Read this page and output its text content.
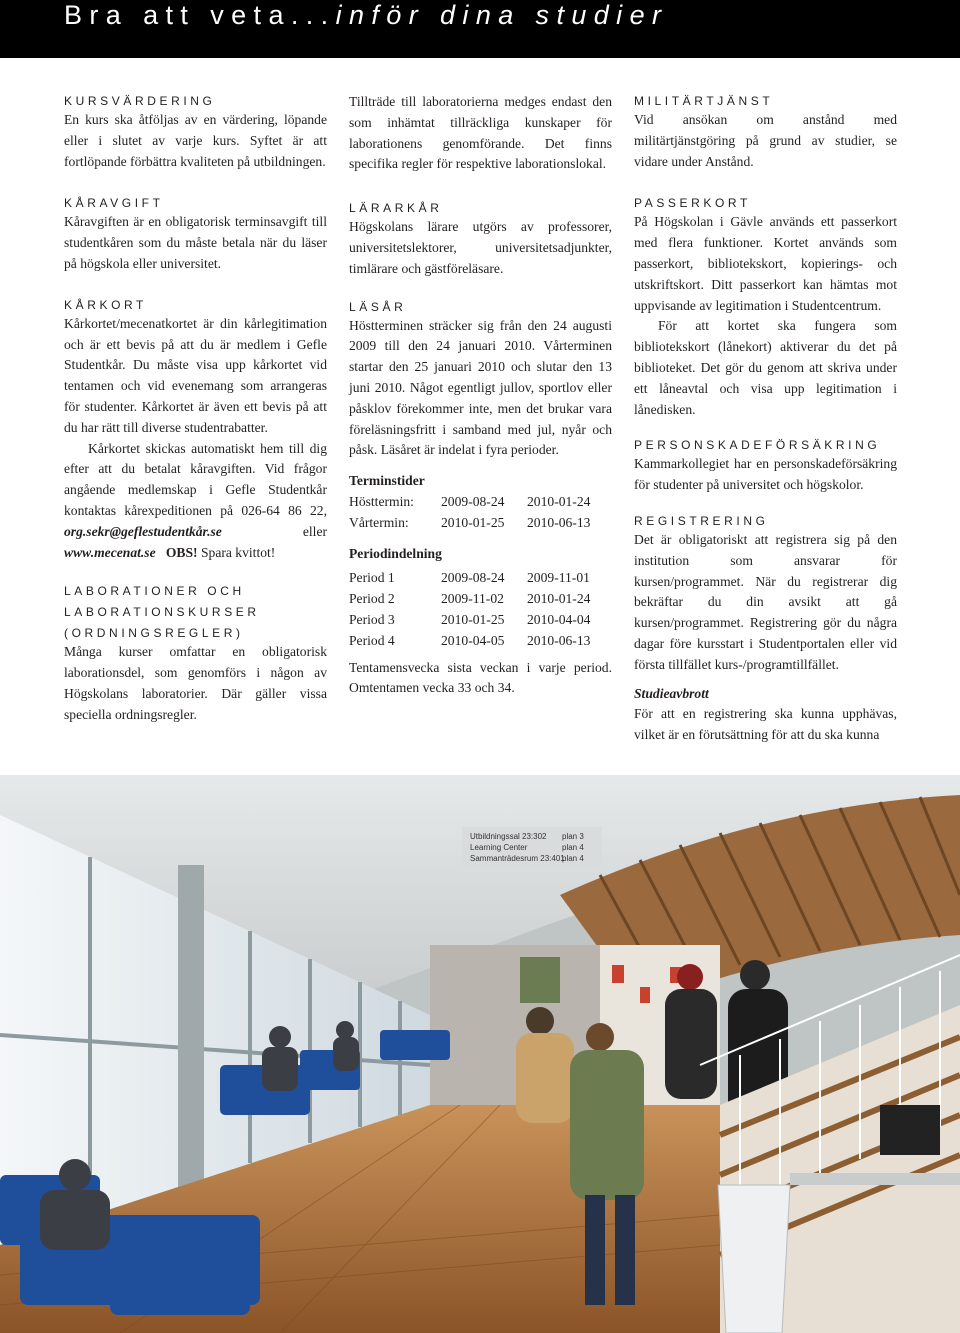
Bra att veta...inför dina studier

KURSVÄRDERING

En kurs ska åtföljas av en värdering, löpande eller i slutet av varje kurs. Syftet är att fortlöpande förbättra kvaliteten på utbildningen.

KÅRAVGIFT

Kåravgiften är en obligatorisk terminsavgift till studentkåren som du måste betala när du läser på högskola eller universitet.

KÅRKORT

Kårkortet/mecenatkortet är din kårlegitimation och är ett bevis på att du är medlem i Gefle Studentkår. Du måste visa upp kårkortet vid tentamen och vid evenemang som arrangeras för studenter. Kårkortet är även ett bevis på att du har rätt till diverse studentrabatter.

Kårkortet skickas automatiskt hem till dig efter att du betalat kåravgiften. Vid frågor angående medlemskap i Gefle Studentkår kontaktas kårexpeditionen på 026-64 86 22, org.sekr@geflestudentkår.se eller www.mecenat.se OBS! Spara kvittot!

LABORATIONER OCH

LABORATIONSKURSER

(ORDNINGSREGLER)

Många kurser omfattar en obligatorisk laborationsdel, som genomförs i någon av Högskolans laboratorier. Där gäller vissa speciella ordningsregler.

Tillträde till laboratorierna medges endast den som inhämtat tillräckliga kunskaper för laborationens genomförande. Det finns specifika regler för respektive laborationslokal.

LÄRARKÅR

Högskolans lärare utgörs av professorer, universitetslektorer, universitetsadjunkter, timlärare och gästföreläsare.

LÄSÅR

Höstterminen sträcker sig från den 24 augusti 2009 till den 24 januari 2010. Vårterminen startar den 25 januari 2010 och slutar den 13 juni 2010. Något egentligt jullov, sportlov eller påsklov förekommer inte, men det brukar vara föreläsningsfritt i samband med jul, nyår och påsk. Läsåret är indelat i fyra perioder.

Terminstider

Hösttermin:	2009-08-24	2010-01-24
Vårtermin:	2010-01-25	2010-06-13

Periodindelning

Period 1	2009-08-24	2009-11-01
Period 2	2009-11-02	2010-01-24
Period 3	2010-01-25	2010-04-04
Period 4	2010-04-05	2010-06-13

Tentamensvecka sista veckan i varje period. Omtentamen vecka 33 och 34.

MILITÄRTJÄNST

Vid ansökan om anstånd med militärtjänstgöring på grund av studier, se vidare under Anstånd.

PASSERKORT

På Högskolan i Gävle används ett passerkort med flera funktioner. Kortet används som passerkort, bibliotekskort, kopierings- och utskriftskort. Ditt passerkort kan hämtas mot uppvisande av legitimation i Studentcentrum.

För att kortet ska fungera som bibliotekskort (lånekort) aktiverar du det på biblioteket. Det gör du genom att skriva under ett låneavtal och visa upp legitimation i lånedisken.

PERSONSKADEFÖRSÄKRING

Kammarkollegiet har en personskadeförsäkring för studenter på universitet och högskolor.

REGISTRERING

Det är obligatoriskt att registrera sig på den institution som ansvarar för kursen/programmet. När du registrerar dig bekräftar du din avsikt att gå kursen/programmet. Registrering gör du några dagar före kursstart i Studentportalen eller vid första tillfället kurs-/programtillfället.

Studieavbrott

För att en registrering ska kunna upphävas, vilket är en förutsättning för att du ska kunna

Utbildningssal 23:302
Learning Center
Sammanträdesrum 23:401
plan 3
plan 4
plan 4
